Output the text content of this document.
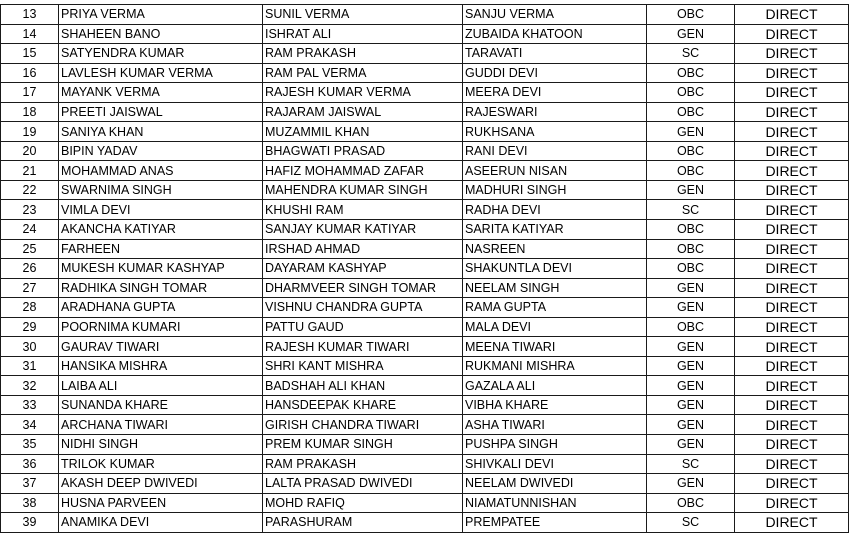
13	PRIYA VERMA	SUNIL VERMA	SANJU VERMA	OBC	DIRECT
14	SHAHEEN BANO	ISHRAT ALI	ZUBAIDA KHATOON	GEN	DIRECT
15	SATYENDRA KUMAR	RAM PRAKASH	TARAVATI	SC	DIRECT
16	LAVLESH KUMAR VERMA	RAM PAL VERMA	GUDDI DEVI	OBC	DIRECT
17	MAYANK VERMA	RAJESH KUMAR VERMA	MEERA DEVI	OBC	DIRECT
18	PREETI JAISWAL	RAJARAM JAISWAL	RAJESWARI	OBC	DIRECT
19	SANIYA KHAN	MUZAMMIL KHAN	RUKHSANA	GEN	DIRECT
20	BIPIN YADAV	BHAGWATI PRASAD	RANI DEVI	OBC	DIRECT
21	MOHAMMAD ANAS	HAFIZ MOHAMMAD ZAFAR	ASEERUN NISAN	OBC	DIRECT
22	SWARNIMA SINGH	MAHENDRA KUMAR SINGH	MADHURI SINGH	GEN	DIRECT
23	VIMLA DEVI	KHUSHI RAM	RADHA DEVI	SC	DIRECT
24	AKANCHA KATIYAR	SANJAY KUMAR KATIYAR	SARITA KATIYAR	OBC	DIRECT
25	FARHEEN	IRSHAD AHMAD	NASREEN	OBC	DIRECT
26	MUKESH KUMAR KASHYAP	DAYARAM KASHYAP	SHAKUNTLA DEVI	OBC	DIRECT
27	RADHIKA SINGH TOMAR	DHARMVEER SINGH TOMAR	NEELAM SINGH	GEN	DIRECT
28	ARADHANA GUPTA	VISHNU CHANDRA GUPTA	RAMA GUPTA	GEN	DIRECT
29	POORNIMA KUMARI	PATTU GAUD	MALA DEVI	OBC	DIRECT
30	GAURAV TIWARI	RAJESH KUMAR TIWARI	MEENA TIWARI	GEN	DIRECT
31	HANSIKA MISHRA	SHRI KANT MISHRA	RUKMANI MISHRA	GEN	DIRECT
32	LAIBA ALI	BADSHAH ALI KHAN	GAZALA ALI	GEN	DIRECT
33	SUNANDA KHARE	HANSDEEPAK KHARE	VIBHA KHARE	GEN	DIRECT
34	ARCHANA TIWARI	GIRISH CHANDRA TIWARI	ASHA TIWARI	GEN	DIRECT
35	NIDHI SINGH	PREM KUMAR SINGH	PUSHPA SINGH	GEN	DIRECT
36	TRILOK KUMAR	RAM PRAKASH	SHIVKALI DEVI	SC	DIRECT
37	AKASH DEEP DWIVEDI	LALTA PRASAD DWIVEDI	NEELAM DWIVEDI	GEN	DIRECT
38	HUSNA PARVEEN	MOHD RAFIQ	NIAMATUNNISHAN	OBC	DIRECT
39	ANAMIKA DEVI	PARASHURAM	PREMPATEE	SC	DIRECT
